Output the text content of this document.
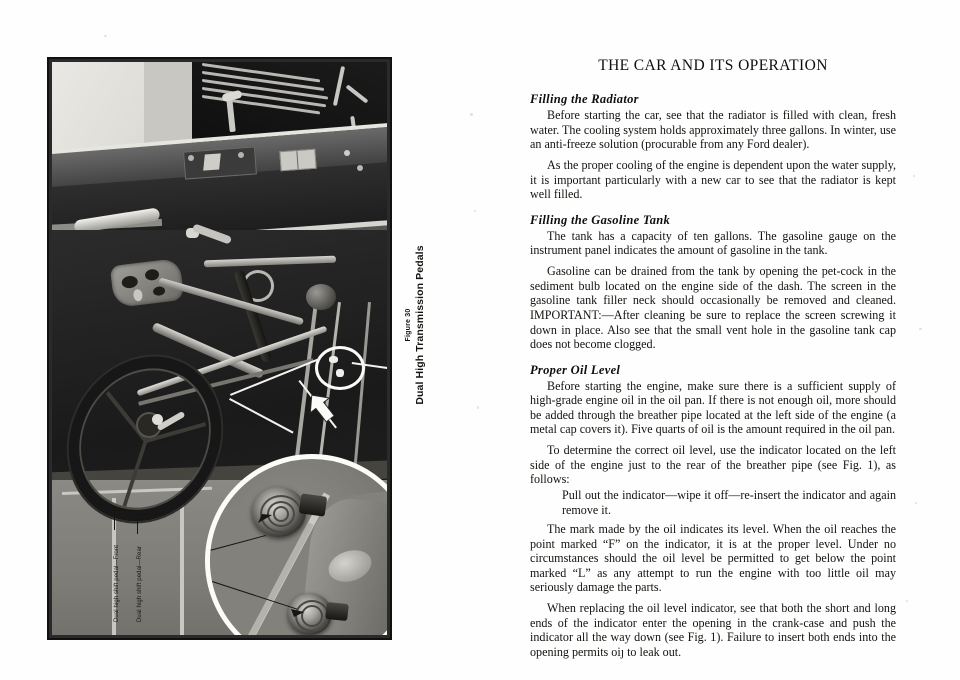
Dual high shift pedal—Front	Dual high shift pedal—Rear
Figure 30 Dual High Transmission Pedals
THE CAR AND ITS OPERATION
Filling the Radiator

Before starting the car, see that the radiator is filled with clean, fresh water. The cooling system holds approximately three gallons. In winter, use an anti-freeze solution (procurable from any Ford dealer).

As the proper cooling of the engine is dependent upon the water supply, it is important particularly with a new car to see that the radiator is kept well filled.

Filling the Gasoline Tank

The tank has a capacity of ten gallons. The gasoline gauge on the instrument panel indicates the amount of gasoline in the tank.

Gasoline can be drained from the tank by opening the pet-cock in the sediment bulb located on the engine side of the dash. The screen in the gasoline tank filler neck should occasionally be removed and cleaned. IMPORTANT:—After cleaning be sure to replace the screen screwing it down in place. Also see that the small vent hole in the gasoline tank cap does not become clogged.

Proper Oil Level

Before starting the engine, make sure there is a sufficient supply of high-grade engine oil in the oil pan. If there is not enough oil, more should be added through the breather pipe located at the left side of the engine (a metal cap covers it). Five quarts of oil is the amount required in the oil pan.

To determine the correct oil level, use the indicator located on the left side of the engine just to the rear of the breather pipe (see Fig. 1), as follows:

Pull out the indicator—wipe it off—re-insert the indicator and again remove it.

The mark made by the oil indicates its level. When the oil reaches the point marked “F” on the indicator, it is at the proper level. Under no circumstances should the oil level be permitted to get below the point marked “L” as any attempt to run the engine with too little oil may seriously damage the parts.

When replacing the oil level indicator, see that both the short and long ends of the indicator enter the opening in the crank-case and push the indicator all the way down (see Fig. 1). Failure to insert both ends into the opening permits oiȷ to leak out.
